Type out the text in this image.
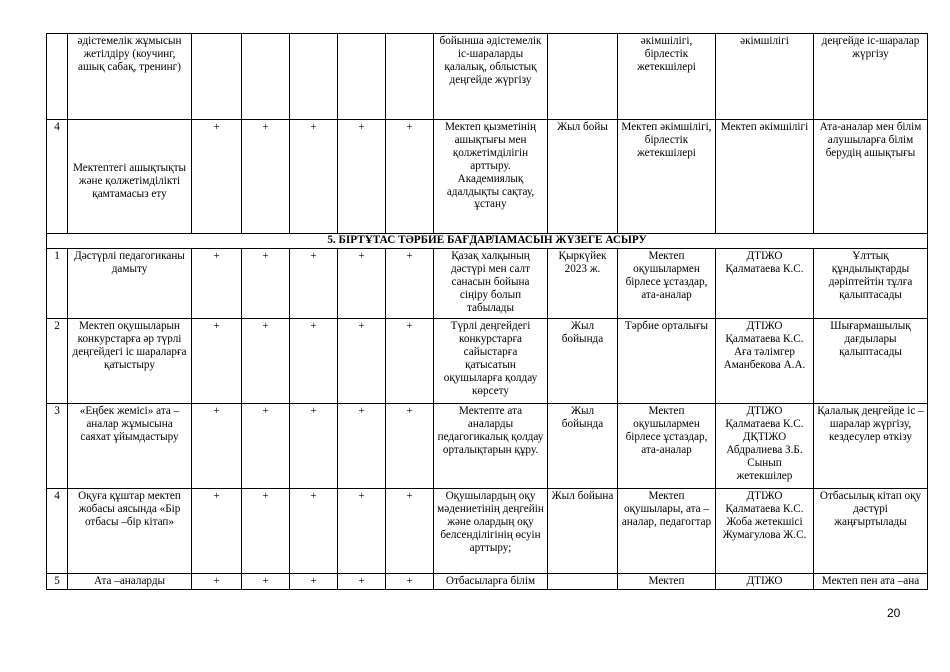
	әдістемелік жұмысын жетілдіру (коучинг, ашық сабақ, тренинг)						бойынша әдістемелік іс-шараларды қалалық, облыстық деңгейде жүргізу		әкімшілігі, бірлестік жетекшілері	әкімшілігі	деңгейде іс-шаралар жүргізу
4	Мектептегі ашықтықты және қолжетімділікті қамтамасыз ету	+	+	+	+	+	Мектеп қызметінің ашықтығы мен қолжетімділігін арттыру. Академиялық адалдықты сақтау, ұстану	Жыл бойы	Мектеп әкімшілігі, бірлестік жетекшілері	Мектеп әкімшілігі	Ата-аналар мен білім алушыларға білім берудің ашықтығы
5. БІРТҰТАС ТӘРБИЕ БАҒДАРЛАМАСЫН ЖҮЗЕГЕ АСЫРУ											
1	Дәстүрлі педагогиканы дамыту	+	+	+	+	+	Қазақ халқының дәстүрі мен салт санасын бойына сіңіру болып табылады	Қыркүйек 2023 ж.	Мектеп оқушылармен бірлесе ұстаздар, ата-аналар	ДТІЖО Қалматаева К.С.	Ұлттық құндылықтарды дәріптейтін тұлға қалыптасады
2	Мектеп оқушыларын конкурстарға әр түрлі деңгейдегі іс шараларға қатыстыру	+	+	+	+	+	Түрлі деңгейдегі конкурстарға сайыстарға қатысатын оқушыларға қолдау көрсету	Жыл бойында	Тәрбие орталығы	ДТІЖО Қалматаева К.С. Аға тәлімгер Аманбекова А.А.	Шығармашылық дағдылары қалыптасады
3	«Еңбек жемісі» ата –аналар жұмысына саяхат ұйымдастыру	+	+	+	+	+	Мектепте ата аналарды педагогикалық қолдау орталықтарын құру.	Жыл бойында	Мектеп оқушылармен бірлесе ұстаздар, ата-аналар	ДТІЖО Қалматаева К.С. ДҚТІЖО Абдралиева З.Б. Сынып жетекшілер	Қалалық деңгейде іс –шаралар жүргізу, кездесулер өткізу
4	Оқуға құштар мектеп жобасы аясында «Бір отбасы –бір кітап»	+	+	+	+	+	Оқушылардың оқу мәдениетінің деңгейін және олардың оқу белсенділігінің өсуін арттыру;	Жыл бойына	Мектеп оқушылары, ата –аналар, педагогтар	ДТІЖО Қалматаева К.С. Жоба жетекшісі Жумагулова Ж.С.	Отбасылық кітап оқу дәстүрі жаңғыртылады
5	Ата –аналарды	+	+	+	+	+	Отбасыларға білім		Мектеп	ДТІЖО	Мектеп пен ата –ана
20
